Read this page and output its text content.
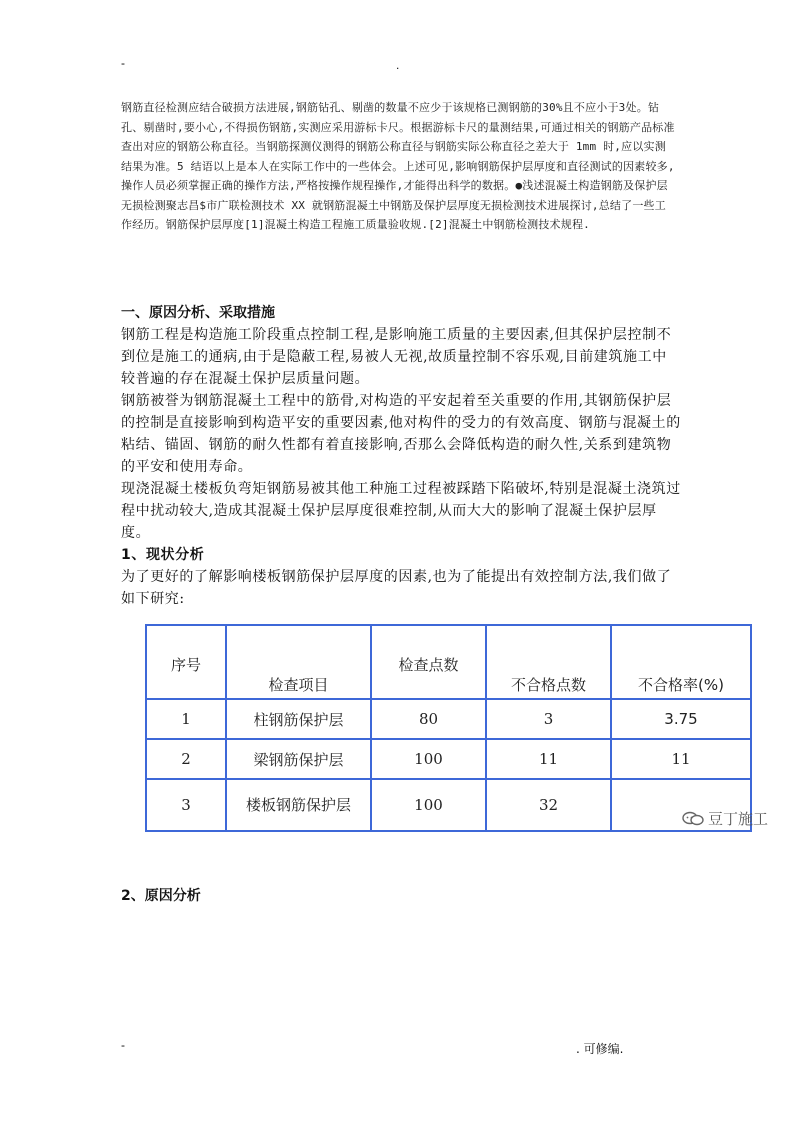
-	.
钢筋直径检测应结合破损方法进展,钢筋钻孔、剔凿的数量不应少于该规格已测钢筋的30%且不应小于3处。钻孔、剔凿时,要小心,不得损伤钢筋,实测应采用游标卡尺。根据游标卡尺的量测结果,可通过相关的钢筋产品标准查出对应的钢筋公称直径。当钢筋探测仪测得的钢筋公称直径与钢筋实际公称直径之差大于 1mm 时,应以实测结果为准。5 结语以上是本人在实际工作中的一些体会。上述可见,影响钢筋保护层厚度和直径测试的因素较多,操作人员必须掌握正确的操作方法,严格按操作规程操作,才能得出科学的数据。●浅述混凝土构造钢筋及保护层无损检测聚志昌$市广联检测技术 XX 就钢筋混凝土中钢筋及保护层厚度无损检测技术进展探讨,总结了一些工作经历。钢筋保护层厚度[1]混凝土构造工程施工质量验收规.[2]混凝土中钢筋检测技术规程.
一、原因分析、采取措施

钢筋工程是构造施工阶段重点控制工程,是影响施工质量的主要因素,但其保护层控制不到位是施工的通病,由于是隐蔽工程,易被人无视,故质量控制不容乐观,目前建筑施工中较普遍的存在混凝土保护层质量问题。

钢筋被誉为钢筋混凝土工程中的筋骨,对构造的平安起着至关重要的作用,其钢筋保护层的控制是直接影响到构造平安的重要因素,他对构件的受力的有效高度、钢筋与混凝土的粘结、锚固、钢筋的耐久性都有着直接影响,否那么会降低构造的耐久性,关系到建筑物的平安和使用寿命。

现浇混凝土楼板负弯矩钢筋易被其他工种施工过程被踩踏下陷破坏,特别是混凝土浇筑过程中扰动较大,造成其混凝土保护层厚度很难控制,从而大大的影响了混凝土保护层厚度。

1、现状分析

为了更好的了解影响楼板钢筋保护层厚度的因素,也为了能提出有效控制方法,我们做了如下研究:

序号	检查项目	检查点数	不合格点数	不合格率(%)

1	柱钢筋保护层	80	3	3.75
2	梁钢筋保护层	100	11	11
3	楼板钢筋保护层	100	32	
豆丁施工
2、原因分析
-	. 可修编.
